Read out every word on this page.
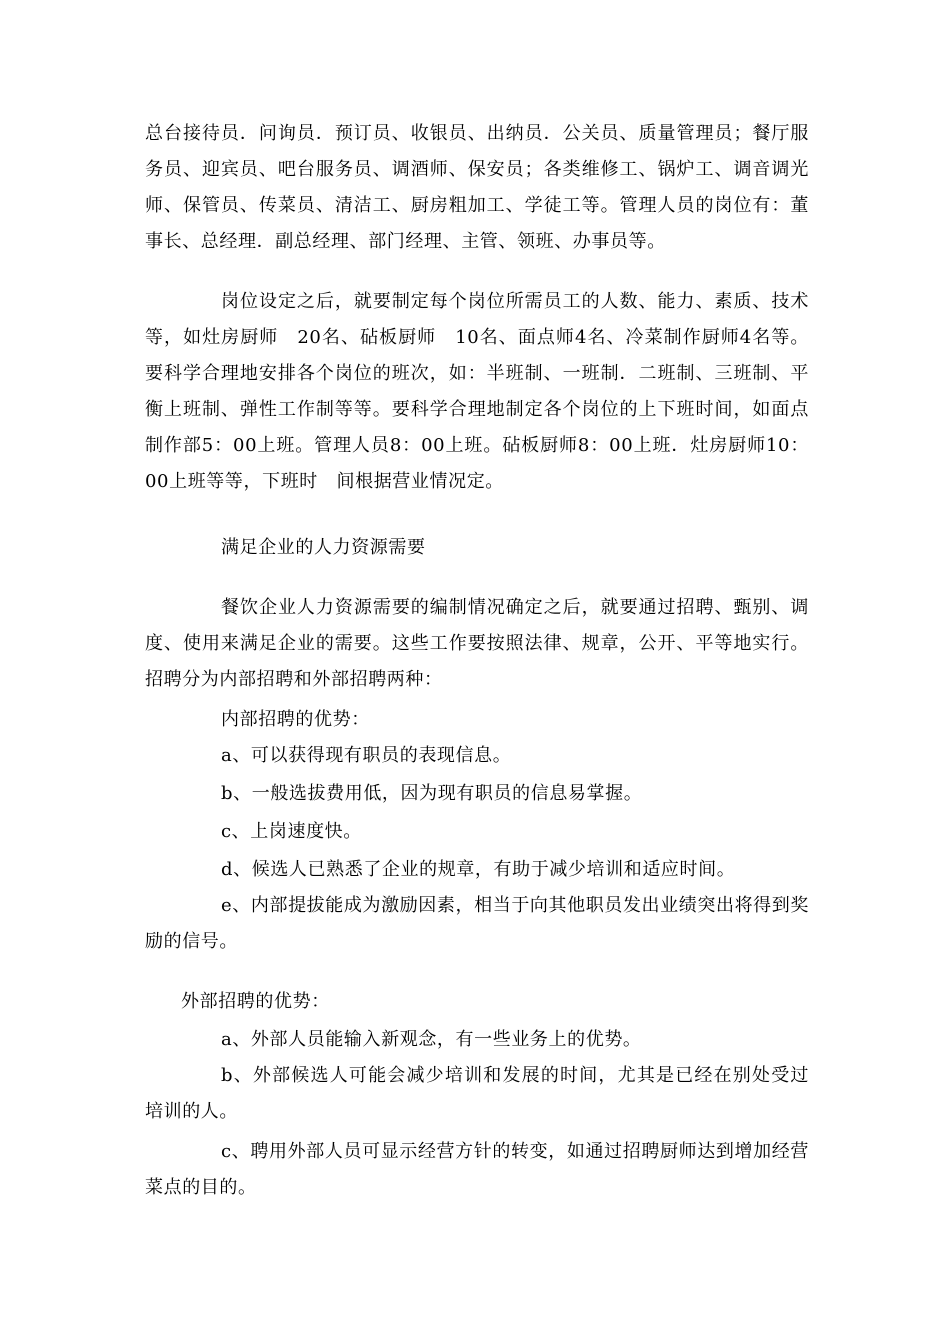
总台接待员．问询员．预订员、收银员、出纳员．公关员、质量管理员；餐厅服务员、迎宾员、吧台服务员、调酒师、保安员；各类维修工、锅炉工、调音调光师、保管员、传菜员、清洁工、厨房粗加工、学徒工等。管理人员的岗位有：董事长、总经理．副总经理、部门经理、主管、领班、办事员等。

岗位设定之后，就要制定每个岗位所需员工的人数、能力、素质、技术等，如灶房厨师　20名、砧板厨师　10名、面点师4名、冷菜制作厨师4名等。要科学合理地安排各个岗位的班次，如：半班制、一班制．二班制、三班制、平衡上班制、弹性工作制等等。要科学合理地制定各个岗位的上下班时间，如面点制作部5：00上班。管理人员8：00上班。砧板厨师8：00上班．灶房厨师10：00上班等等，下班时　间根据营业情况定。

满足企业的人力资源需要

餐饮企业人力资源需要的编制情况确定之后，就要通过招聘、甄别、调度、使用来满足企业的需要。这些工作要按照法律、规章，公开、平等地实行。招聘分为内部招聘和外部招聘两种：

内部招聘的优势：

a、可以获得现有职员的表现信息。

b、一般选拔费用低，因为现有职员的信息易掌握。

c、上岗速度快。

d、候选人已熟悉了企业的规章，有助于减少培训和适应时间。

e、内部提拔能成为激励因素，相当于向其他职员发出业绩突出将得到奖励的信号。

外部招聘的优势：

a、外部人员能输入新观念，有一些业务上的优势。

b、外部候选人可能会减少培训和发展的时间，尤其是已经在别处受过培训的人。

c、聘用外部人员可显示经营方针的转变，如通过招聘厨师达到增加经营菜点的目的。
